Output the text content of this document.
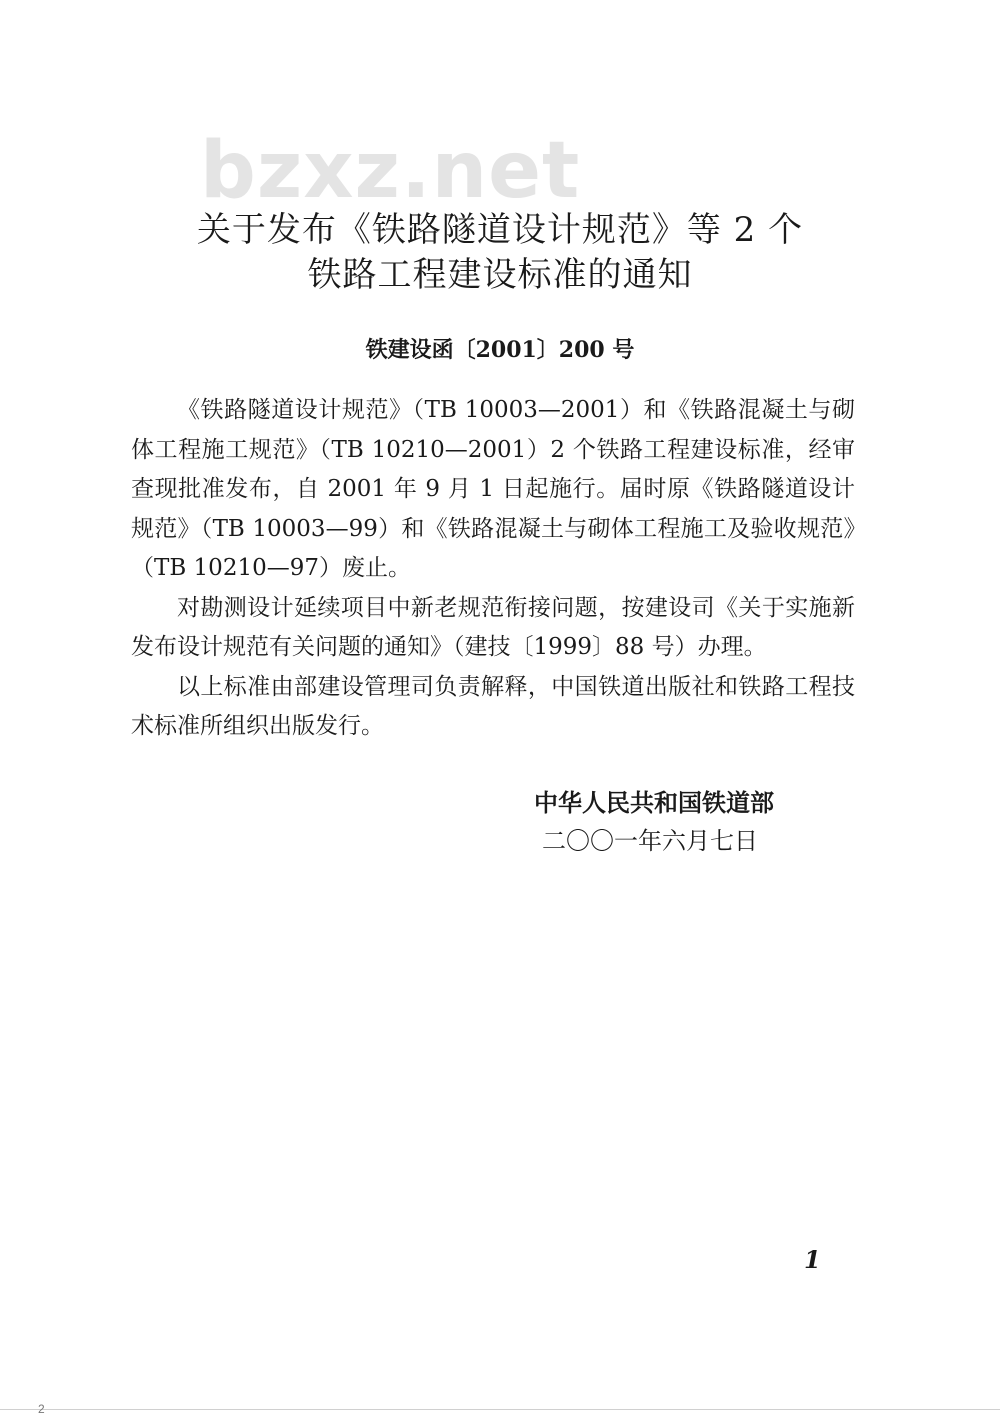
bzxz.net
关于发布《铁路隧道设计规范》等 2 个
铁路工程建设标准的通知
铁建设函〔2001〕200 号

《铁路隧道设计规范》（TB 10003—2001）和《铁路混凝土与砌体工程施工规范》（TB 10210—2001）2 个铁路工程建设标准，经审查现批准发布，自 2001 年 9 月 1 日起施行。届时原《铁路隧道设计规范》（TB 10003—99）和《铁路混凝土与砌体工程施工及验收规范》（TB 10210—97）废止。

对勘测设计延续项目中新老规范衔接问题，按建设司《关于实施新发布设计规范有关问题的通知》（建技〔1999〕88 号）办理。

以上标准由部建设管理司负责解释，中国铁道出版社和铁路工程技术标准所组织出版发行。

中华人民共和国铁道部
二〇〇一年六月七日
1
2
